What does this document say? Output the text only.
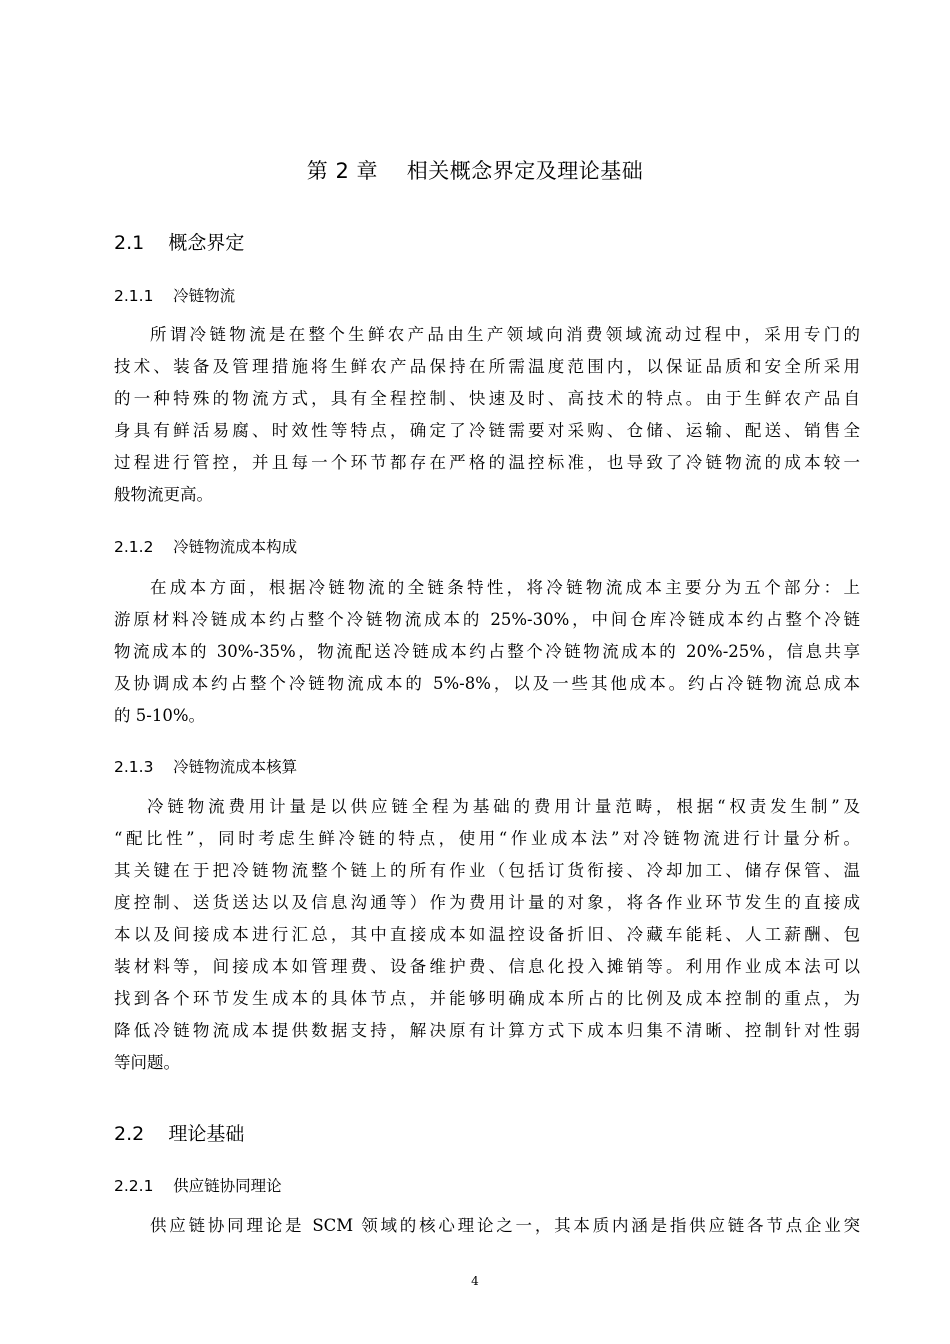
第 2 章    相关概念界定及理论基础
2.1    概念界定
2.1.1    冷链物流
所谓冷链物流是在整个生鲜农产品由生产领域向消费领域流动过程中，采用专门的
技术、装备及管理措施将生鲜农产品保持在所需温度范围内，以保证品质和安全所采用
的一种特殊的物流方式，具有全程控制、快速及时、高技术的特点。由于生鲜农产品自
身具有鲜活易腐、时效性等特点，确定了冷链需要对采购、仓储、运输、配送、销售全
过程进行管控，并且每一个环节都存在严格的温控标准，也导致了冷链物流的成本较一
般物流更高。
2.1.2    冷链物流成本构成
在成本方面，根据冷链物流的全链条特性，将冷链物流成本主要分为五个部分：上
游原材料冷链成本约占整个冷链物流成本的 25%-30%，中间仓库冷链成本约占整个冷链
物流成本的 30%-35%，物流配送冷链成本约占整个冷链物流成本的 20%-25%，信息共享
及协调成本约占整个冷链物流成本的 5%-8%，以及一些其他成本。约占冷链物流总成本
的 5-10%。
2.1.3    冷链物流成本核算
冷链物流费用计量是以供应链全程为基础的费用计量范畴，根据“权责发生制”及
“配比性”，同时考虑生鲜冷链的特点，使用“作业成本法”对冷链物流进行计量分析。
其关键在于把冷链物流整个链上的所有作业（包括订货衔接、冷却加工、储存保管、温
度控制、送货送达以及信息沟通等）作为费用计量的对象，将各作业环节发生的直接成
本以及间接成本进行汇总，其中直接成本如温控设备折旧、冷藏车能耗、人工薪酬、包
装材料等，间接成本如管理费、设备维护费、信息化投入摊销等。利用作业成本法可以
找到各个环节发生成本的具体节点，并能够明确成本所占的比例及成本控制的重点，为
降低冷链物流成本提供数据支持，解决原有计算方式下成本归集不清晰、控制针对性弱
等问题。
2.2    理论基础
2.2.1    供应链协同理论
供应链协同理论是 SCM 领域的核心理论之一，其本质内涵是指供应链各节点企业突
4
